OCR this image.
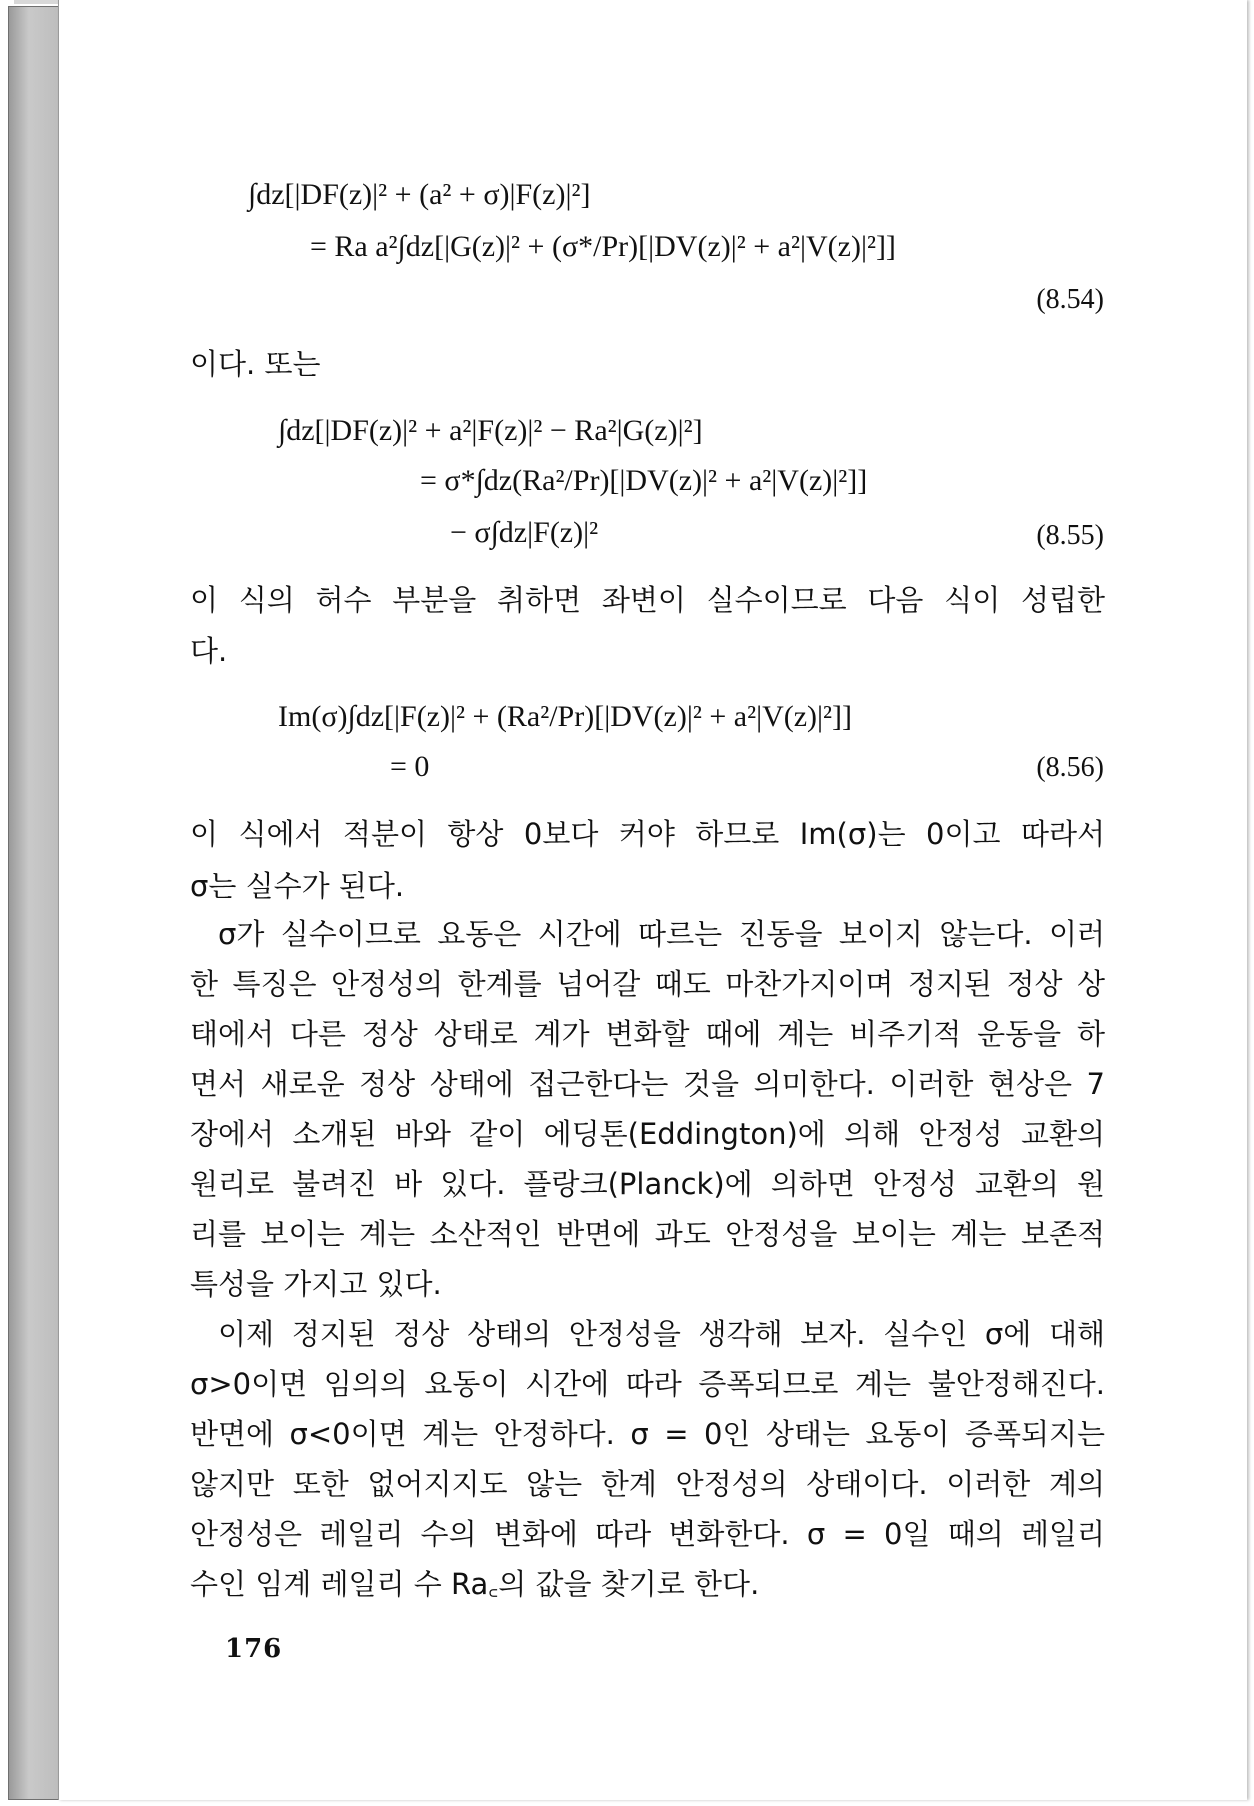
∫dz[|DF(z)|² + (a² + σ)|F(z)|²]
= Ra a²∫dz[|G(z)|² + (σ*/Pr)[|DV(z)|² + a²|V(z)|²]]
(8.54)
이다. 또는
∫dz[|DF(z)|² + a²|F(z)|² − Ra²|G(z)|²]
= σ*∫dz(Ra²/Pr)[|DV(z)|² + a²|V(z)|²]]
− σ∫dz|F(z)|²	(8.55)
이 식의 허수 부분을 취하면 좌변이 실수이므로 다음 식이 성립한
다.
Im(σ)∫dz[|F(z)|² + (Ra²/Pr)[|DV(z)|² + a²|V(z)|²]]
= 0	(8.56)
이 식에서 적분이 항상 0보다 커야 하므로 Im(σ)는 0이고 따라서
σ는 실수가 된다.
σ가 실수이므로 요동은 시간에 따르는 진동을 보이지 않는다. 이러
한 특징은 안정성의 한계를 넘어갈 때도 마찬가지이며 정지된 정상 상
태에서 다른 정상 상태로 계가 변화할 때에 계는 비주기적 운동을 하
면서 새로운 정상 상태에 접근한다는 것을 의미한다. 이러한 현상은 7
장에서 소개된 바와 같이 에딩톤(Eddington)에 의해 안정성 교환의
원리로 불려진 바 있다. 플랑크(Planck)에 의하면 안정성 교환의 원
리를 보이는 계는 소산적인 반면에 과도 안정성을 보이는 계는 보존적
특성을 가지고 있다.
이제 정지된 정상 상태의 안정성을 생각해 보자. 실수인 σ에 대해
σ>0이면 임의의 요동이 시간에 따라 증폭되므로 계는 불안정해진다.
반면에 σ<0이면 계는 안정하다. σ = 0인 상태는 요동이 증폭되지는
않지만 또한 없어지지도 않는 한계 안정성의 상태이다. 이러한 계의
안정성은 레일리 수의 변화에 따라 변화한다. σ = 0일 때의 레일리
수인 임계 레일리 수 Ra꜀의 값을 찾기로 한다.
176
